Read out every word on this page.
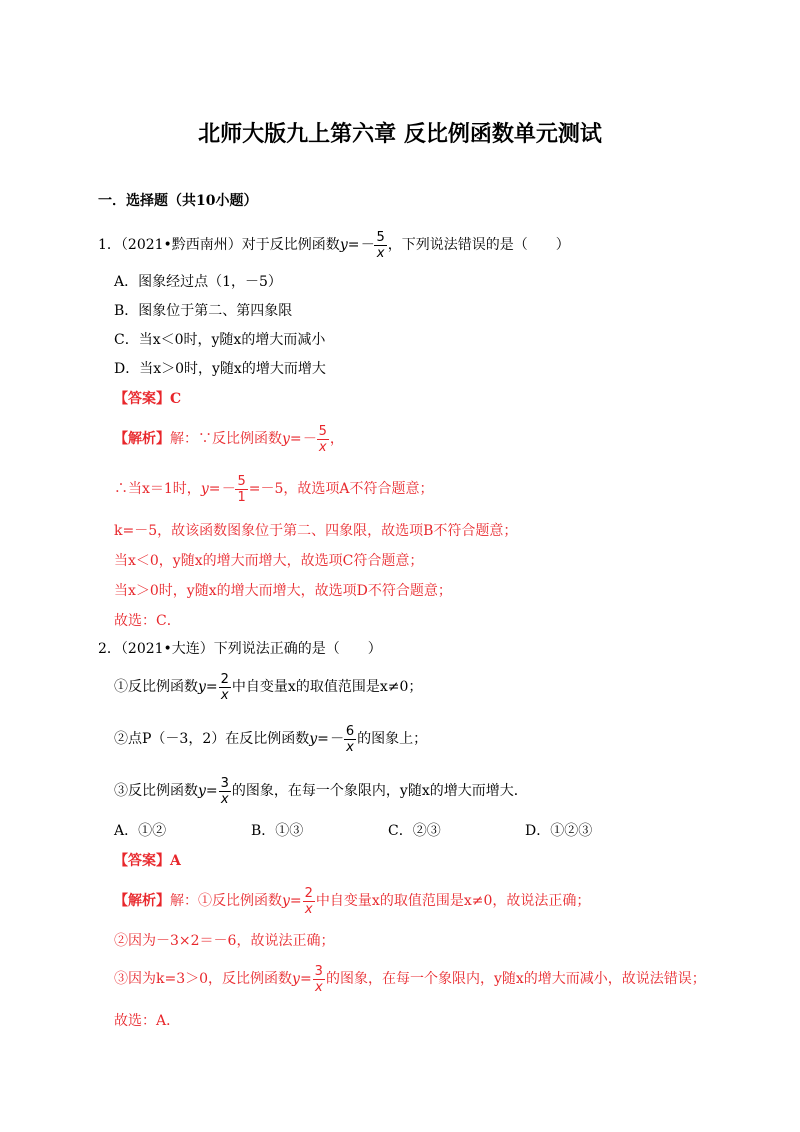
北师大版九上第六章 反比例函数单元测试
一．选择题（共10小题）
1．（2021•黔西南州）对于反比例函数$y=- \frac{5}{x}$ ，下列说法错误的是（　　）
A．图象经过点（1，－5）
B．图象位于第二、第四象限
C．当x＜0时，y随x的增大而减小
D．当x＞0时，y随x的增大而增大
【答案】C
【解析】解：∵反比例函数$y=- \frac{5}{x}$ ，
∴当x＝1时，$y=- \frac{5}{1} =-5$，故选项A不符合题意；
k=－5，故该函数图象位于第二、四象限，故选项B不符合题意；
当x＜0，y随x的增大而增大，故选项C符合题意；
当x＞0时，y随x的增大而增大，故选项D不符合题意；
故选：C．
2．（2021•大连）下列说法正确的是（　　）
①反比例函数$y= \frac{2}{x}$ 中自变量x的取值范围是x≠0；
②点P（－3，2）在反比例函数$y=- \frac{6}{x}$ 的图象上；
③反比例函数$y= \frac{3}{x}$ 的图象，在每一个象限内，y随x的增大而增大．
A．①②	B．①③	C．②③	D．①②③
【答案】A
【解析】解：①反比例函数$y= \frac{2}{x}$ 中自变量x的取值范围是x≠0，故说法正确；
②因为－3×2＝－6，故说法正确；
③因为k=3＞0，反比例函数$y= \frac{3}{x}$ 的图象，在每一个象限内，y随x的增大而减小，故说法错误；
故选：A．
